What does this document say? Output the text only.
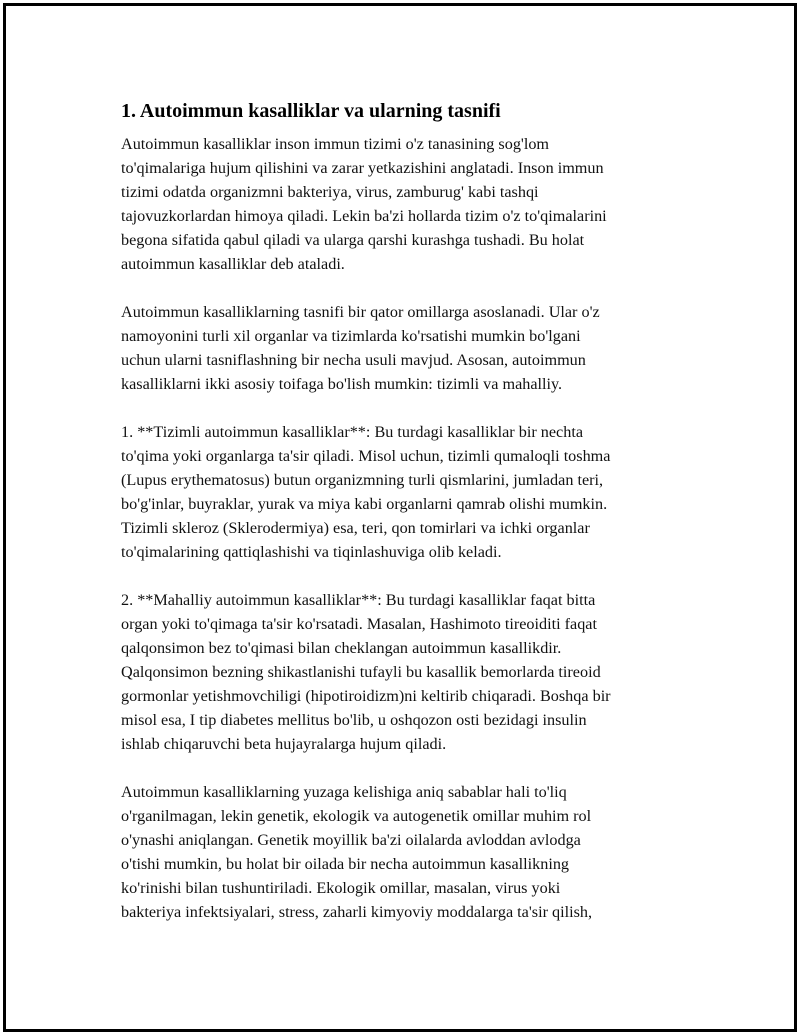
1. Autoimmun kasalliklar va ularning tasnifi

Autoimmun kasalliklar inson immun tizimi o'z tanasining sog'lom
to'qimalariga hujum qilishini va zarar yetkazishini anglatadi. Inson immun
tizimi odatda organizmni bakteriya, virus, zamburug' kabi tashqi
tajovuzkorlardan himoya qiladi. Lekin ba'zi hollarda tizim o'z to'qimalarini
begona sifatida qabul qiladi va ularga qarshi kurashga tushadi. Bu holat
autoimmun kasalliklar deb ataladi.

Autoimmun kasalliklarning tasnifi bir qator omillarga asoslanadi. Ular o'z
namoyonini turli xil organlar va tizimlarda ko'rsatishi mumkin bo'lgani
uchun ularni tasniflashning bir necha usuli mavjud. Asosan, autoimmun
kasalliklarni ikki asosiy toifaga bo'lish mumkin: tizimli va mahalliy.

1. **Tizimli autoimmun kasalliklar**: Bu turdagi kasalliklar bir nechta
to'qima yoki organlarga ta'sir qiladi. Misol uchun, tizimli qumaloqli toshma
(Lupus erythematosus) butun organizmning turli qismlarini, jumladan teri,
bo'g'inlar, buyraklar, yurak va miya kabi organlarni qamrab olishi mumkin.
Tizimli skleroz (Sklerodermiya) esa, teri, qon tomirlari va ichki organlar
to'qimalarining qattiqlashishi va tiqinlashuviga olib keladi.

2. **Mahalliy autoimmun kasalliklar**: Bu turdagi kasalliklar faqat bitta
organ yoki to'qimaga ta'sir ko'rsatadi. Masalan, Hashimoto tireoiditi faqat
qalqonsimon bez to'qimasi bilan cheklangan autoimmun kasallikdir.
Qalqonsimon bezning shikastlanishi tufayli bu kasallik bemorlarda tireoid
gormonlar yetishmovchiligi (hipotiroidizm)ni keltirib chiqaradi. Boshqa bir
misol esa, I tip diabetes mellitus bo'lib, u oshqozon osti bezidagi insulin
ishlab chiqaruvchi beta hujayralarga hujum qiladi.

Autoimmun kasalliklarning yuzaga kelishiga aniq sabablar hali to'liq
o'rganilmagan, lekin genetik, ekologik va autogenetik omillar muhim rol
o'ynashi aniqlangan. Genetik moyillik ba'zi oilalarda avloddan avlodga
o'tishi mumkin, bu holat bir oilada bir necha autoimmun kasallikning
ko'rinishi bilan tushuntiriladi. Ekologik omillar, masalan, virus yoki
bakteriya infektsiyalari, stress, zaharli kimyoviy moddalarga ta'sir qilish,
